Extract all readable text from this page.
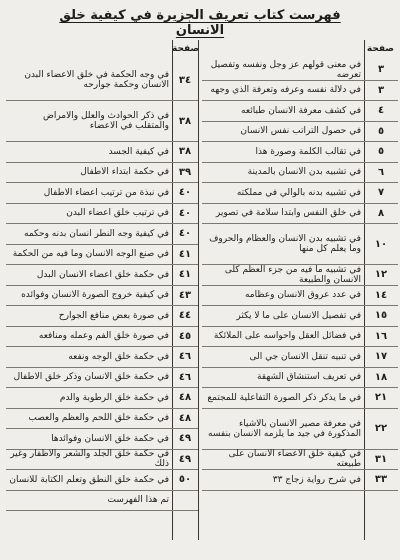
فهرست كتاب تعريف الجزيرة في كيفية خلق الانسان
صفحة
صفحة
٣
في معنى قولهم عز وجل ونفسه وتفصيل تعرضه
٣
في دلالة نفسه وعرفه وتعرفة الذي وجهه
٤
في كشف معرفة الانسان طبائعه
٥
في حصول التراتب نفس الانسان
٥
في تقالب الكلمة وصورة هذا
٦
في تشبيه بدن الانسان بالمدينة
٧
في تشبيه بدنه بالوالي في مملكته
٨
في خلق النفس وابتدأ سلامة في تصوير
١٠
في تشبيه بدن الانسان والعظام والحروف وما يعلم كل منها
١٢
في تشبيه ما فيه من جزء العظم كلى الانسان والطبيعة
١٤
في عدد عروق الانسان وعظامه
١٥
في تفصيل الانسان على ما لا يكثر
١٦
في فضائل العقل واحواسه على الملائكة
١٧
في تنبيه تنقل الانسان جي الى
١٨
في تعريف استنشاق الشهقة
٢١
في ما يذكر ذكر الصورة التفاعلية للمجتمع
٢٢
في معرفة مصير الانسان بالاشياء المذكورة في جيد ما يلزمه الانسان بنفسه
٣١
في كيفية خلق الاعضاء الانسان على طبيعته
٣٣
في شرح رواية زجاج ٣٣
٣٤
في وجه الحكمة في خلق الاعضاء البدن الانسان وحكمة جوارحه
٣٨
في ذكر الحوادث والعلل والامراض والمتقلب في الاعضاء
٣٨
في كيفية الجسد
٣٩
في حكمة ابتداء الاطفال
٤٠
في نبذة من ترتيب اعضاء الاطفال
٤٠
في ترتيب خلق اعضاء البدن
٤٠
في كيفية وجه النطر انسان بدنه وحكمه
٤١
في صنع الوجه الانسان وما فيه من الحكمة
٤١
في حكمة خلق اعضاء الانسان البدل
٤٣
في كيفية خروج الصورة الانسان وفوائده
٤٤
في صورة بعض منافع الجوارح
٤٥
في صورة خلق الفم وعمله ومنافعه
٤٦
في حكمة خلق الوجه ونفعه
٤٦
في حكمة خلق الانسان وذكر خلق الاطفال
٤٨
في حكمة خلق الرطوبة والدم
٤٨
في حكمة خلق اللحم والعظم والعصب
٤٩
في حكمة خلق الانسان وفوائدها
٤٩
في حكمة خلق الجلد والشعر والاظفار وغير ذلك
٥٠
في حكمة خلق النطق وتعلم الكتابة للانسان
تم هذا الفهرست
